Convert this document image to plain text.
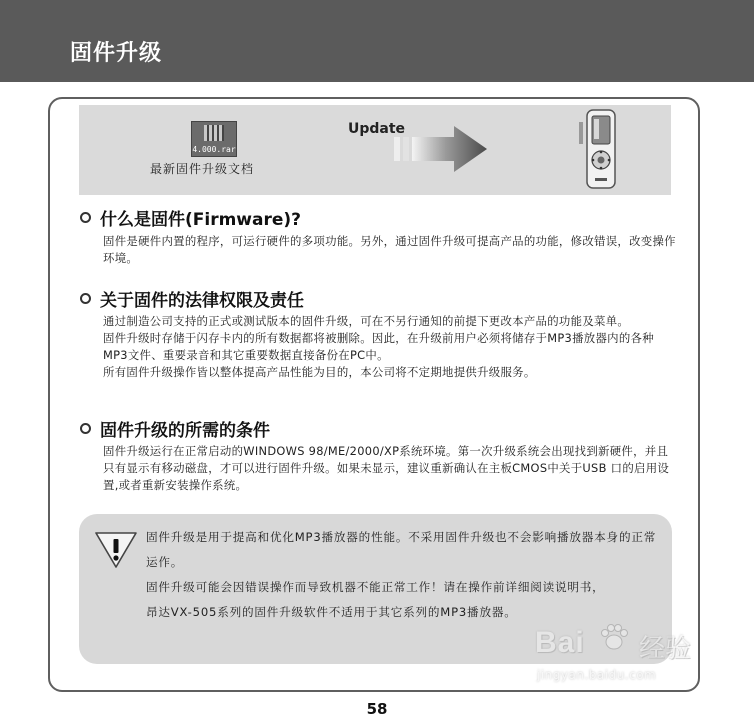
固件升级
4.000.rar
最新固件升级文档
Update
什么是固件(Firmware)?

固件是硬件内置的程序，可运行硬件的多项功能。另外，通过固件升级可提高产品的功能，修改错误，改变操作环境。

关于固件的法律权限及责任

通过制造公司支持的正式或测试版本的固件升级，可在不另行通知的前提下更改本产品的功能及菜单。

固件升级时存储于闪存卡内的所有数据都将被删除。因此，在升级前用户必须将储存于MP3播放器内的各种MP3文件、重要录音和其它重要数据直接备份在PC中。

所有固件升级操作皆以整体提高产品性能为目的，本公司将不定期地提供升级服务。

固件升级的所需的条件

固件升级运行在正常启动的WINDOWS 98/ME/2000/XP系统环境。第一次升级系统会出现找到新硬件，并且只有显示有移动磁盘，才可以进行固件升级。如果未显示，建议重新确认在主板CMOS中关于USB 口的启用设置,或者重新安装操作系统。

固件升级是用于提高和优化MP3播放器的性能。不采用固件升级也不会影响播放器本身的正常运作。

固件升级可能会因错误操作而导致机器不能正常工作！请在操作前详细阅读说明书，

昂达VX-505系列的固件升级软件不适用于其它系列的MP3播放器。

Bai 经验
jingyan.baidu.com
58
